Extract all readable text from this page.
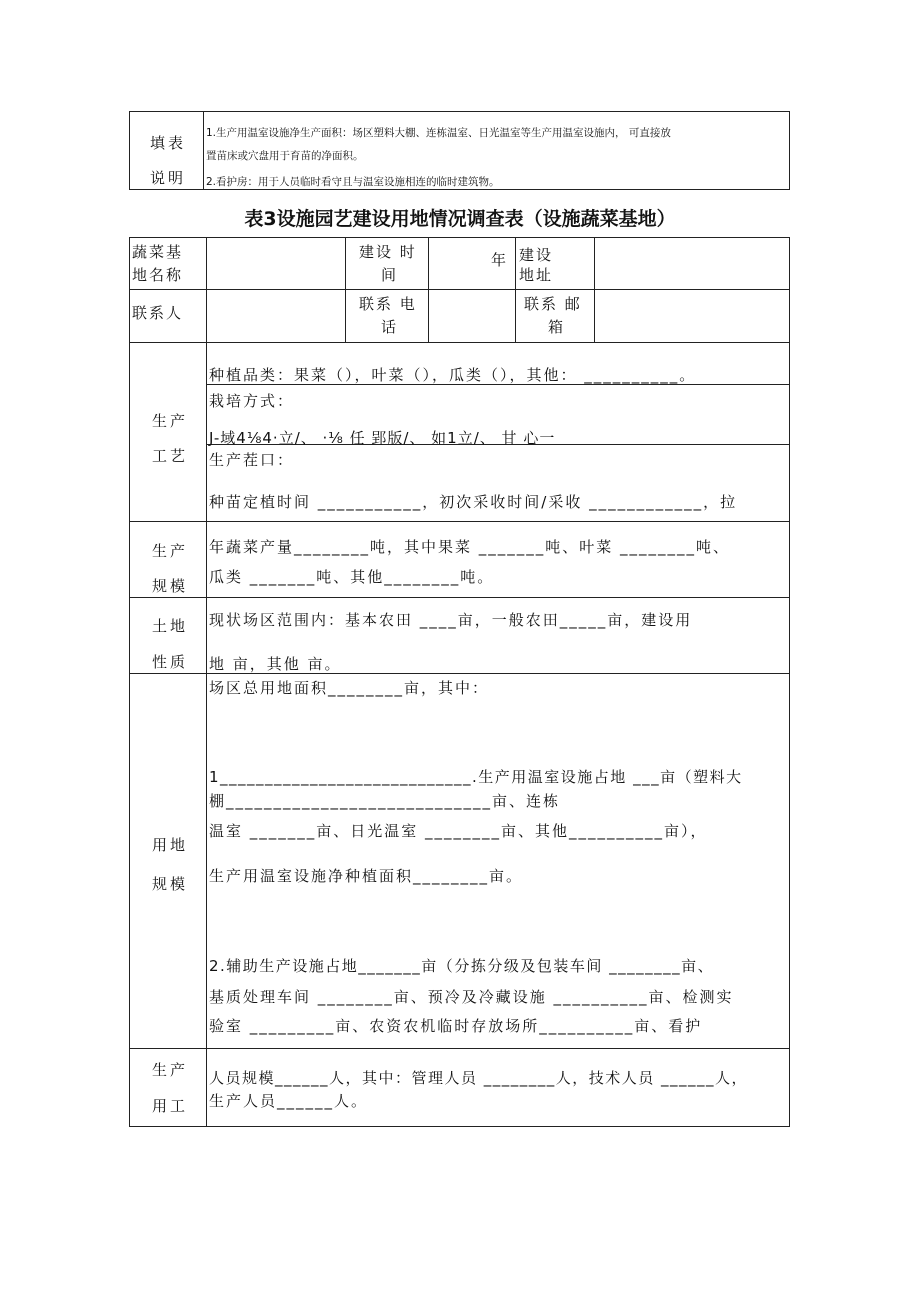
填表
说明
1.生产用温室设施净生产面积：场区塑料大棚、连栋温室、日光温室等生产用温室设施内， 可直接放
置苗床或穴盘用于育苗的净面积。
2.看护房：用于人员临时看守且与温室设施相连的临时建筑物。
表3设施园艺建设用地情况调查表（设施蔬菜基地）
蔬菜基
地名称
建设 时
间
年 建设
地址
联系人	联系 电
话
联系 邮
箱
生产
工艺
种植品类：果菜（），叶菜（），瓜类（），其他： __________。
栽培方式：
J-域4⅛4·立/、 ·⅛ 任 郢版/、 如1立/、 甘 心一
生产茬口：
种苗定植时间 ___________，初次采收时间/采收 ____________，拉
生产
规模
年蔬菜产量________吨，其中果菜 _______吨、叶菜 ________吨、
瓜类 _______吨、其他________吨。
土地
性质
现状场区范围内：基本农田 ____亩，一般农田_____亩，建设用
地 亩，其他 亩。
用地
规模
场区总用地面积________亩，其中：
1____________________________.生产用温室设施占地 ___亩（塑料大
棚____________________________亩、连栋
温室 _______亩、日光温室 ________亩、其他__________亩），
生产用温室设施净种植面积________亩。
2.辅助生产设施占地_______亩（分拣分级及包装车间 ________亩、
基质处理车间 ________亩、预冷及冷藏设施 __________亩、检测实
验室 _________亩、农资农机临时存放场所__________亩、看护
生产
用工
人员规模______人，其中：管理人员 ________人，技术人员 ______人，
生产人员______人。
